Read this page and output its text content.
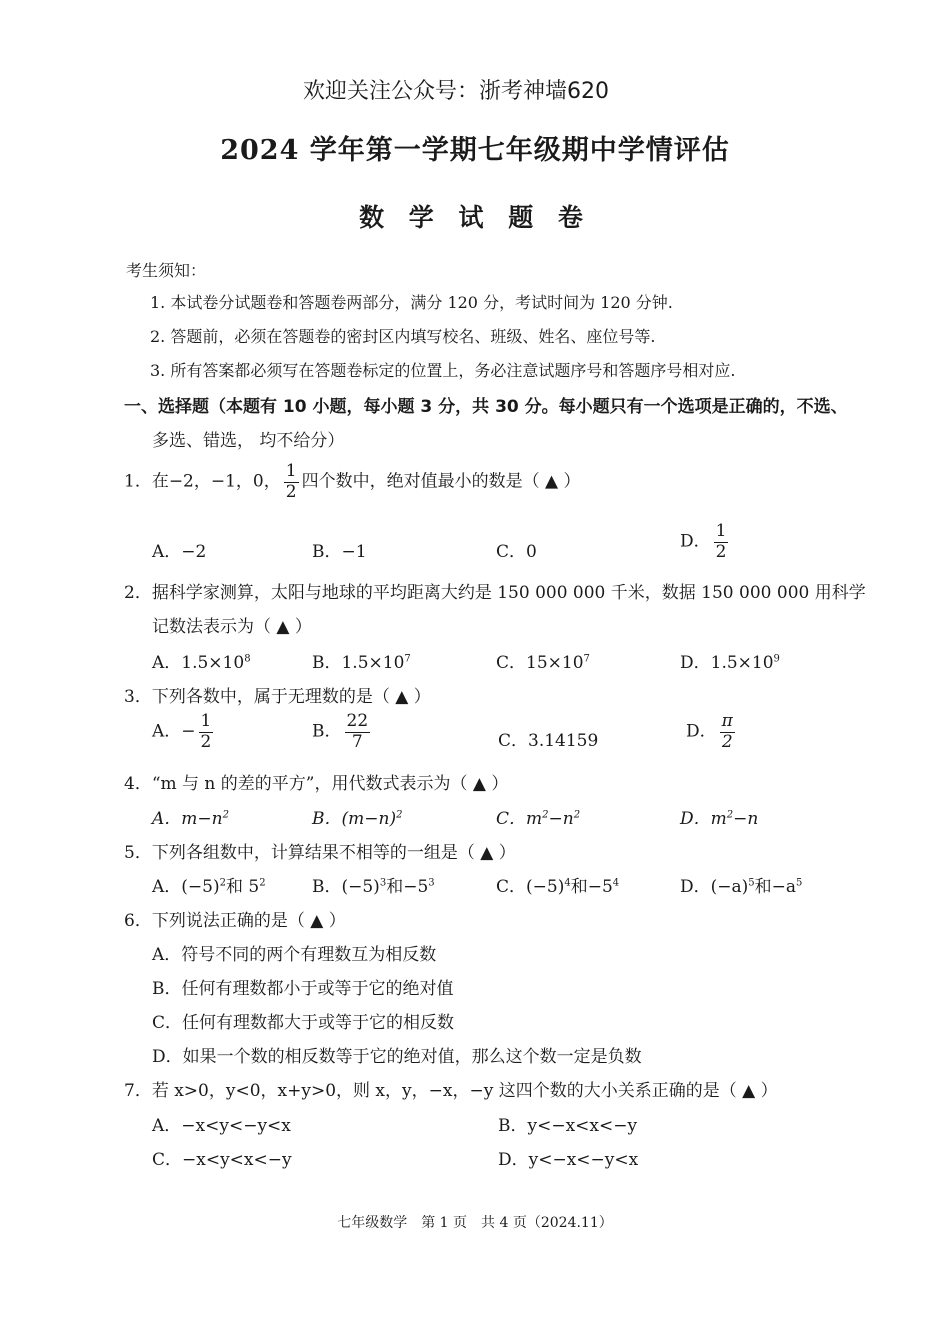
欢迎关注公众号：浙考神墙620
2024 学年第一学期七年级期中学情评估
数 学 试 题 卷
考生须知：
1. 本试卷分试题卷和答题卷两部分，满分 120 分，考试时间为 120 分钟.
2. 答题前，必须在答题卷的密封区内填写校名、班级、姓名、座位号等.
3. 所有答案都必须写在答题卷标定的位置上，务必注意试题序号和答题序号相对应.
一、选择题（本题有 10 小题，每小题 3 分，共 30 分。每小题只有一个选项是正确的，不选、
多选、错选， 均不给分）
1．在−2，−1，0， $\frac{1}{2}$ 四个数中，绝对值最小的数是（ ▲ ）
A．−2	B．−1	C．0
D． $\frac{1}{2}$
2．据科学家测算，太阳与地球的平均距离大约是 150 000 000 千米，数据 150 000 000 用科学
记数法表示为（ ▲ ）
A．$1.5\times 10^8$	B．$1.5\times 10^7$	C．$15\times 10^7$	D．$1.5\times 10^9$
3．下列各数中，属于无理数的是（ ▲ ）
A．− $\frac{1}{2}$	B． $\frac{22}{7}$	C．3.14159	D． $\frac{\pi}{2}$
4．“m 与 n 的差的平方”，用代数式表示为（ ▲ ）
A．$m-n^2$	B．$(m-n)^2$	C．$m^2-n^2$	D．$m^2-n$
5．下列各组数中，计算结果不相等的一组是（ ▲ ）
A．$(-5)^2$和 $5^2$	B．$(-5)^3$和$-5^3$	C．$(-5)^4$和$-5^4$	D．$(-a)^5$和$-a^5$
6．下列说法正确的是（ ▲ ）
A．符号不同的两个有理数互为相反数
B．任何有理数都小于或等于它的绝对值
C．任何有理数都大于或等于它的相反数
D．如果一个数的相反数等于它的绝对值，那么这个数一定是负数
7．若 x>0，y<0，x+y>0，则 x，y，−x，−y 这四个数的大小关系正确的是（ ▲ ）
A．−x<y<−y<x	B．y<−x<x<−y
C．−x<y<x<−y	D．y<−x<−y<x
七年级数学　第 1 页　共 4 页（2024.11）
